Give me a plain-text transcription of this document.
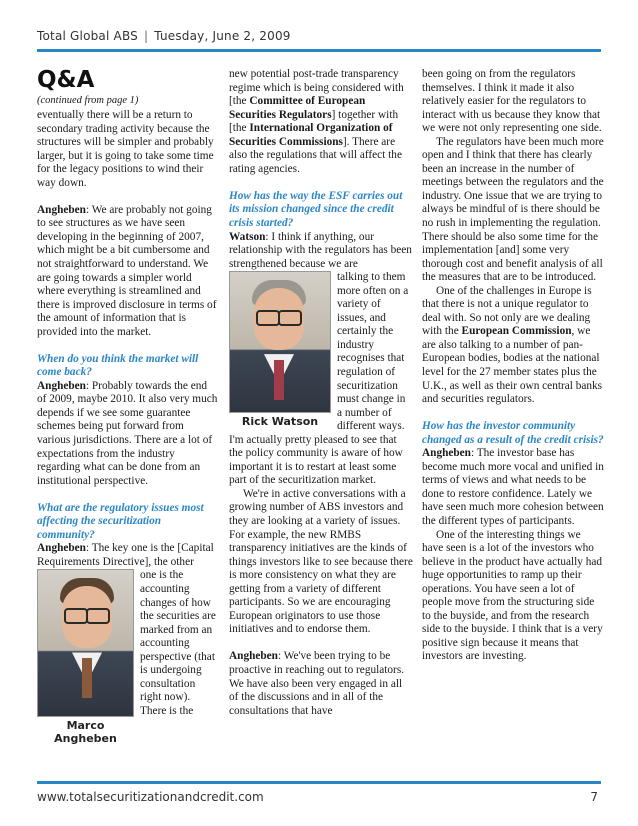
Total Global ABS | Tuesday, June 2, 2009
Q&A
(continued from page 1)

eventually there will be a return to secondary trading activity because the structures will be simpler and probably larger, but it is going to take some time for the legacy positions to wind their way down.

Angheben: We are probably not going to see structures as we have seen developing in the beginning of 2007, which might be a bit cumbersome and not straightforward to understand. We are going towards a simpler world where everything is streamlined and there is improved disclosure in terms of the amount of information that is provided into the market.

When do you think the market will come back?

Angheben: Probably towards the end of 2009, maybe 2010. It also very much depends if we see some guarantee schemes being put forward from various jurisdictions. There are a lot of expectations from the industry regarding what can be done from an institutional perspective.

What are the regulatory issues most affecting the securitization community?

Angheben: The key one is the [Capital Requirements Directive], the other

Marco
Angheben

one is the accounting changes of how the securities are marked from an accounting perspective (that is undergoing consultation right now). There is the

new potential post-trade transparency regime which is being considered with [the Committee of European Securities Regulators] together with [the International Organization of Securities Commissions]. There are also the regulations that will affect the rating agencies.

How has the way the ESF carries out its mission changed since the credit crisis started?

Watson: I think if anything, our relationship with the regulators has been strengthened because we are

Rick Watson

talking to them more often on a variety of issues, and certainly the industry recognises that regulation of securitization must change in a number of different ways.

I'm actually pretty pleased to see that the policy community is aware of how important it is to restart at least some part of the securitization market.

We're in active conversations with a growing number of ABS investors and they are looking at a variety of issues. For example, the new RMBS transparency initiatives are the kinds of things investors like to see because there is more consistency on what they are getting from a variety of different participants. So we are encouraging European originators to use those initiatives and to endorse them.

Angheben: We've been trying to be proactive in reaching out to regulators. We have also been very engaged in all of the discussions and in all of the consultations that have

been going on from the regulators themselves. I think it made it also relatively easier for the regulators to interact with us because they know that we were not only representing one side.

The regulators have been much more open and I think that there has clearly been an increase in the number of meetings between the regulators and the industry. One issue that we are trying to always be mindful of is there should be no rush in implementing the regulation. There should be also some time for the implementation [and] some very thorough cost and benefit analysis of all the measures that are to be introduced.

One of the challenges in Europe is that there is not a unique regulator to deal with. So not only are we dealing with the European Commission, we are also talking to a number of pan-European bodies, bodies at the national level for the 27 member states plus the U.K., as well as their own central banks and securities regulators.

How has the investor community changed as a result of the credit crisis?

Angheben: The investor base has become much more vocal and unified in terms of views and what needs to be done to restore confidence. Lately we have seen much more cohesion between the different types of participants.

One of the interesting things we have seen is a lot of the investors who believe in the product have actually had huge opportunities to ramp up their operations. You have seen a lot of people move from the structuring side to the buyside, and from the research side to the buyside. I think that is a very positive sign because it means that investors are investing.

www.totalsecuritizationandcredit.com	7
